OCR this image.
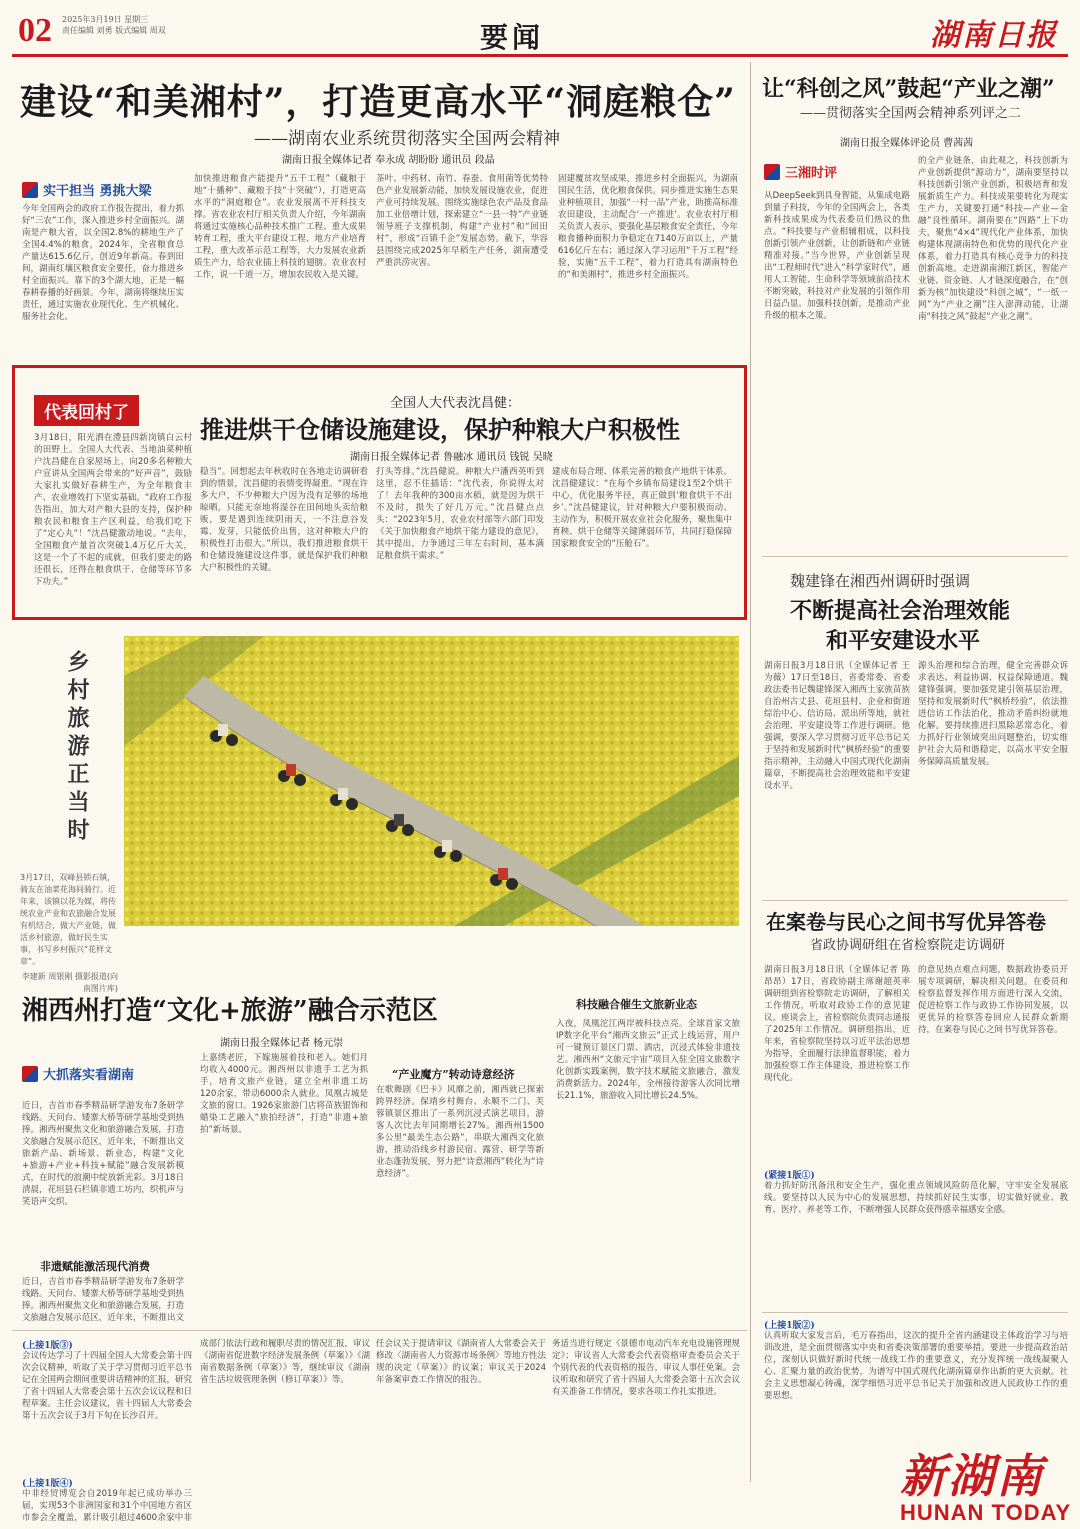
02 2025年3月19日 星期三
责任编辑 刘勇 版式编辑 周双	要闻	湖南日报
建设“和美湘村”，打造更高水平“洞庭粮仓”
——湖南农业系统贯彻落实全国两会精神
湖南日报全媒体记者 奉永成 胡盼盼 通讯员 段晶
实干担当 勇挑大梁
今年全国两会的政府工作报告提出，着力抓好“三农”工作，深入推进乡村全面振兴。湖南是产粮大省，以全国2.8%的耕地生产了全国4.4%的粮食，2024年，全省粮食总产量达615.6亿斤，创近9年新高。春到田间，湖南红壤区粮食安全要任，奋力推进乡村全面振兴。靠下的3个湖大地，正是一幅春耕春播的好画景。今年，湖南将继续压实责任，通过实施农业现代化、生产机械化、服务社会化。
加快推进粮食产能提升“五千工程”（藏粮于地“十播种”、藏粮于技“十突破”），打造更高水平的“洞庭粮仓”。农业发展离不开科技支撑。省农业农村厅相关负责人介绍，今年湖南将通过实施核心品种技术推广工程、重大成果转育工程，重大平台建设工程、地方产业培育工程，重大改革示范工程等，大力发展农业新质生产力，给农业插上科技的翅膀。农业农村工作，说一千道一万，增加农民收入是关键。
茶叶、中药材、南竹、春蚕、食用菌等优势特色产业发展新动能，加快发展设施农业，促进产业可持续发展。围绕实施绿色农产品及食品加工业倍增计划，探索建立“一县一特”产业链领导班子支撑机制，构建“产业村”和“回田村”，形成“百镇千企”发展态势。截下，华容县围绕完成2025年早稻生产任务，湖南遭受严重洪涝灾害。
固建覆贫攻坚成果，推进乡村全面振兴，为湖南国民生活，优化粮食保供。同步推进实施生态果业种植项目，加强“一村一品”产业，助推高标准农田建设，主动配合‘一产推进’。农业农村厅相关负责人表示，要强化基层粮食安全责任，今年粮食播种面积力争稳定在7140万亩以上，产量616亿斤左右；通过深入学习运用“千万工程”经验，实施“五千工程”，着力打造具有湖南特色的“和美湘村”，推进乡村全面振兴。
代表回村了	全国人大代表沈昌健：
推进烘干仓储设施建设，保护种粮大户积极性
湖南日报全媒体记者 鲁融冰 通讯员 钱锐 吴晓
3月18日，阳光洒在澧县四新岗镇白云村的田野上。全国人大代表、当地油菜种植户沈昌健在自家屋场上，向20多名种粮大户宣讲从全国两会带来的“好声音”，鼓励大家扎实做好春耕生产，为全年粮食丰产、农业增效打下坚实基础。“政府工作报告指出，加大对产粮大县的支持，保护种粮农民和粮食主产区利益，给我们吃下了“定心丸”！”沈昌健激动地说。“去年，全国粮食产量首次突破1.4万亿斤大关，这是一个了不起的成就，但我们要走的路还很长，还得在粮食烘干、仓储等环节多下功夫。”
稳当”。回想起去年秋收时在各地走访调研看到的情景，沈昌健的表情变得凝重。“现在许多大户，不少种粮大户因为没有足够的场地晾晒，只能无奈地将湿谷在田间地头卖给粮贩，要是遇到连续阴雨天，一不注意谷发霉、发芽，只能低价出售，这对种粮大户的积极性打击很大。”所以，我们推进粮食烘干和仓储设施建设这件事，就是保护我们种粮大户积极性的关键。
打头等排。”沈昌健说。种粮大户潘西英听到这里，忍不住插话：“沈代表，你说得太对了！去年我种的300亩水稻，就是因为烘干不及时，损失了好几万元。”沈昌健点点头：“2023年5月，农业农村部等六部门印发《关于加快粮食产地烘干能力建设的意见》，其中提出，力争通过三年左右时间，基本满足粮食烘干需求。”
建成布局合理、体系完善的粮食产地烘干体系。沈昌健建议：“在每个乡镇布局建设1至2个烘干中心，优化服务半径，真正做到‘粮食烘干不出乡’。”沈昌健建议，针对种粮大户要积极而动、主动作为，积极开展农业社会化服务，聚焦集中育秧、烘干仓储等关键薄弱环节，共同打稳保障国家粮食安全的“压舱石”。
乡村旅游正当时
3月17日，双峰县锁石镇，骑友在油菜花海间骑行。近年来，该镇以花为媒，将传统农业产业和农旅融合发展有机结合，做大产业链，做活乡村旅游，做好民生实事，书写乡村振兴“花样文章”。
李建新 周银刚 摄影报道(向南图片库)
湘西州打造“文化+旅游”融合示范区
湖南日报全媒体记者 杨元崇
大抓落实看湖南
科技融合催生文旅新业态
近日，吉首市春季精品研学游发布7条研学线路。天问台、矮寨大桥等研学基地受到热捧。湘西州聚焦文化和旅游融合发展，打造文旅融合发展示范区，近年来，不断推出文旅新产品、新场景、新业态，构建“文化+旅游+产业+科技+赋能”融合发展新模式，在时代的浪潮中绽放新光彩。3月18日清晨，花垣县石栏镇非遗工坊内，织机声与笑语声交织。
非遗赋能激活现代消费
近日，吉首市春季精品研学游发布7条研学线路。天问台、矮寨大桥等研学基地受到热捧。湘西州聚焦文化和旅游融合发展，打造文旅融合发展示范区，近年来，不断推出文
上嘉绣老匠，下嫁施展着技和老人。她们月均收入4000元。湘西州以非遗手工艺为抓手，培育文旅产业链，建立全州非遗工坊120余家，带动6000余人就业。凤凰古城是文旅的窗口。1926家旅游门店将苗族银饰和蜡染工艺融入“旅拍经济”，打造“非遗+旅拍”新场景。
“产业魔方”转动诗意经济
在歌舞剧《巴卡》风靡之前，湘西就已探索跨界经济。保靖乡村舞台、永顺不二门、芙蓉镇景区推出了一系列沉浸式演艺项目，游客人次比去年同期增长27%。湘西州1500多公里“最美生态公路”，串联大湘西文化旅游，推动沿线乡村游民宿、露营、研学等新业态蓬勃发展，努力把“诗意湘西”转化为“诗意经济”。
入夜，凤凰沱江两岸被科技点亮。全球首家文旅IP数字化平台“湘西文旅云”正式上线运营，用户可一键预订景区门票、酒店，沉浸式体验非遗技艺。湘西州“文旅元宇宙”项目入驻全国文旅数字化创新实践案例，数字技术赋能文旅融合，激发消费新活力。2024年，全州接待游客人次同比增长21.1%，旅游收入同比增长24.5%。
(上接1版③)
会议传达学习了十四届全国人大常委会第十四次会议精神，听取了关于学习贯彻习近平总书记在全国两会期间重要讲话精神的汇报，研究了省十四届人大常委会第十五次会议议程和日程草案。主任会议建议，省十四届人大常委会第十五次会议于3月下旬在长沙召开。
成部门依法行政和履职尽责的情况汇报，审议《湖南省促进数字经济发展条例（草案）》《湖南省数据条例（草案）》等，继续审议《湖南省生活垃圾管理条例（修订草案）》等。
任会议关于提请审议《湖南省人大常委会关于修改〈湖南省人力资源市场条例〉等地方性法规的决定（草案）》的议案；审议关于2024年备案审查工作情况的报告。
务适当进行规定《景德市电动汽车充电设施管理规定》；审议省人大常委会代表资格审查委员会关于个别代表的代表资格的报告，审议人事任免案。会议听取和研究了省十四届人大常委会第十五次会议有关准备工作情况，要求各项工作扎实推进。
(上接1版④)
中非经贸博览会自2019年起已成功举办三届，实现53个非洲国家和31个中国地方省区市参会全覆盖，累计吸引超过4600余家中非
让“科创之风”鼓起“产业之潮”
——贯彻落实全国两会精神系列评之二
湖南日报全媒体评论员 曹茜茜
三湘时评
从DeepSeek到具身智能，从集成电路到量子科技，今年的全国两会上，各类新科技成果成为代表委员们热议的焦点。“科技要与产业相辅相成，以科技创新引领产业创新，让创新链和产业链精准对接。”当今世界，产业创新呈现出“工程师时代”进入“科学家时代”，通用人工智能、生命科学等领域前沿技术不断突破，科技对产业发展的引领作用日益凸显。加强科技创新，是推动产业升级的根本之策。
的全产业链条，由此观之，科技创新为产业创新提供“源动力”，湖南要坚持以科技创新引领产业创新，积极培育和发展新质生产力。科技成果要转化为现实生产力，关键要打通“科技—产业—金融”良性循环。湖南要在“四路”上下功夫，聚焦“4×4”现代化产业体系，加快构建体现湖南特色和优势的现代化产业体系，着力打造具有核心竞争力的科技创新高地。走进湖南湘江新区，智能产业链、资金链、人才链深度融合，在“创新为核”加快建设“科创之城”，“一纸一网”为“产业之潮”注入澎湃动能，让湖南“科技之风”鼓起“产业之潮”。
魏建锋在湘西州调研时强调
不断提高社会治理效能
和平安建设水平
湖南日报3月18日讯（全媒体记者 王为薇）17日至18日，省委常委、省委政法委书记魏建锋深入湘西土家族苗族自治州古丈县、花垣县村、企业和街道综治中心、信访局、派出所等地，就社会治理、平安建设等工作进行调研。他强调，要深入学习贯彻习近平总书记关于坚持和发展新时代“枫桥经验”的重要指示精神，主动融入中国式现代化湖南篇章，不断提高社会治理效能和平安建设水平。
源头治理和综合治理，健全完善群众诉求表达、利益协调、权益保障通道。魏建锋强调，要加强党建引领基层治理，坚持和发展新时代“枫桥经验”，依法推进信访工作法治化，推动矛盾纠纷就地化解。要持续推进扫黑除恶常态化，着力抓好行业领域突出问题整治，切实维护社会大局和谐稳定，以高水平安全服务保障高质量发展。
在案卷与民心之间书写优异答卷
省政协调研组在省检察院走访调研
湖南日报3月18日讯（全媒体记者 陈昂昂）17日，省政协副主席谢超英率调研组到省检察院走访调研，了解相关工作情况，听取对政协工作的意见建议。座谈会上，省检察院负责同志通报了2025年工作情况。调研组指出，近年来，省检察院坚持以习近平法治思想为指导，全面履行法律监督职能，着力加强检察工作主体建设，推进检察工作现代化。
的意见热点难点问题，数据政协委员开展专项调研，解决相关问题。在委员和检察监督发挥作用方面进行深入交流，促进检察工作与政协工作协同发展，以更优异的检察答卷回应人民群众新期待，在案卷与民心之间书写优异答卷。
(紧接1版①)
着力抓好防汛备汛和安全生产，强化重点领域风险防范化解，守牢安全发展底线。要坚持以人民为中心的发展思想，持续抓好民生实事，切实做好就业、教育、医疗、养老等工作，不断增强人民群众获得感幸福感安全感。
(上接1版②)
认真听取大家发言后，毛万春指出，这次的提升全省内涵建设主体政治学习与培训改进，是全面贯彻落实中央和省委决策部署的重要举措。要进一步提高政治站位，深刻认识做好新时代统一战线工作的重要意义，充分发挥统一战线凝聚人心、汇聚力量的政治优势，为谱写中国式现代化湖南篇章作出新的更大贡献。社会主义思想凝心铸魂，深学细悟习近平总书记关于加强和改进人民政协工作的重要思想。
新湖南
HUNAN TODAY
